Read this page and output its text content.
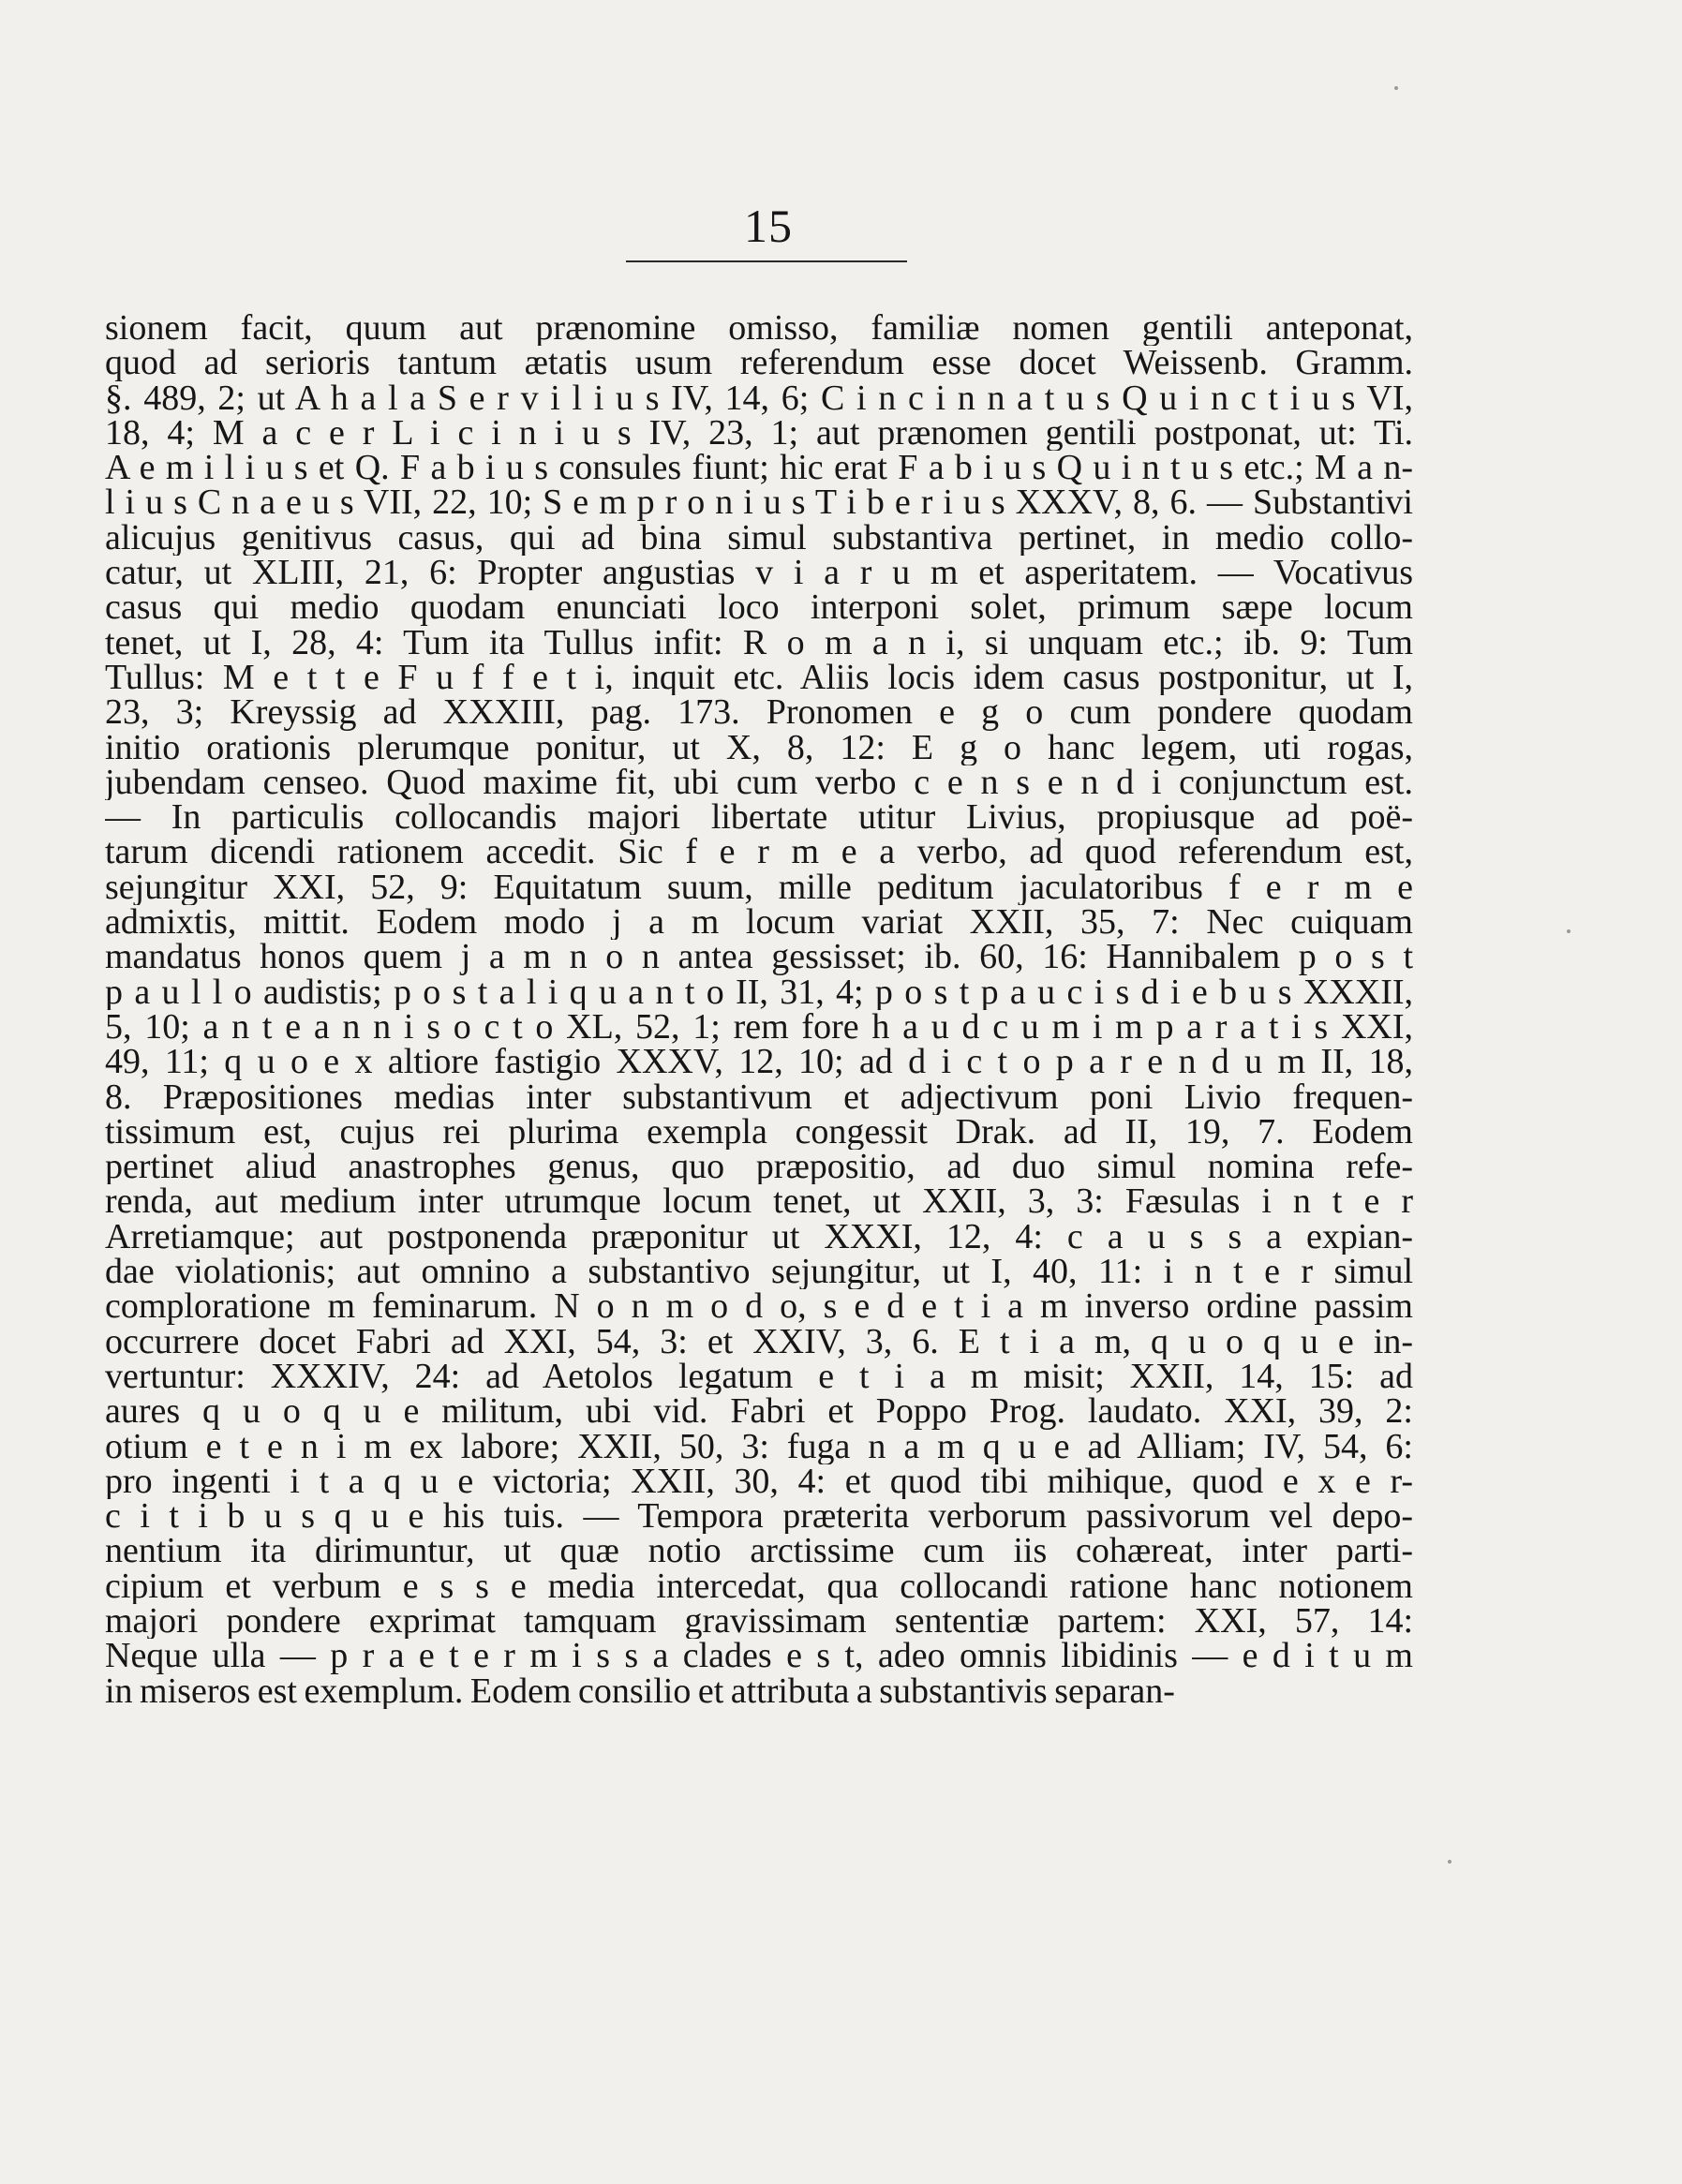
15
sionem facit, quum aut prænomine omisso, familiæ nomen gentili anteponat,
quod ad serioris tantum ætatis usum referendum esse docet Weissenb. Gramm.
§. 489, 2; ut A h a l a S e r v i l i u s IV, 14, 6; C i n c i n n a t u s Q u i n c t i u s VI,
18, 4; M a c e r L i c i n i u s IV, 23, 1; aut prænomen gentili postponat, ut: Ti.
A e m i l i u s et Q. F a b i u s consules fiunt; hic erat F a b i u s Q u i n t u s etc.; M a n-
l i u s C n a e u s VII, 22, 10; S e m p r o n i u s T i b e r i u s XXXV, 8, 6. — Substantivi
alicujus genitivus casus, qui ad bina simul substantiva pertinet, in medio collo-
catur, ut XLIII, 21, 6: Propter angustias v i a r u m et asperitatem. — Vocativus
casus qui medio quodam enunciati loco interponi solet, primum sæpe locum
tenet, ut I, 28, 4: Tum ita Tullus infit: R o m a n i, si unquam etc.; ib. 9: Tum
Tullus: M e t t e F u f f e t i, inquit etc. Aliis locis idem casus postponitur, ut I,
23, 3; Kreyssig ad XXXIII, pag. 173. Pronomen e g o cum pondere quodam
initio orationis plerumque ponitur, ut X, 8, 12: E g o hanc legem, uti rogas,
jubendam censeo. Quod maxime fit, ubi cum verbo c e n s e n d i conjunctum est.
— In particulis collocandis majori libertate utitur Livius, propiusque ad poë-
tarum dicendi rationem accedit. Sic f e r m e a verbo, ad quod referendum est,
sejungitur XXI, 52, 9: Equitatum suum, mille peditum jaculatoribus f e r m e
admixtis, mittit. Eodem modo j a m locum variat XXII, 35, 7: Nec cuiquam
mandatus honos quem j a m n o n antea gessisset; ib. 60, 16: Hannibalem p o s t
p a u l l o audistis; p o s t a l i q u a n t o II, 31, 4; p o s t p a u c i s d i e b u s XXXII,
5, 10; a n t e a n n i s o c t o XL, 52, 1; rem fore h a u d c u m i m p a r a t i s XXI,
49, 11; q u o e x altiore fastigio XXXV, 12, 10; ad d i c t o p a r e n d u m II, 18,
8. Præpositiones medias inter substantivum et adjectivum poni Livio frequen-
tissimum est, cujus rei plurima exempla congessit Drak. ad II, 19, 7. Eodem
pertinet aliud anastrophes genus, quo præpositio, ad duo simul nomina refe-
renda, aut medium inter utrumque locum tenet, ut XXII, 3, 3: Fæsulas i n t e r
Arretiamque; aut postponenda præponitur ut XXXI, 12, 4: c a u s s a expian-
dae violationis; aut omnino a substantivo sejungitur, ut I, 40, 11: i n t e r simul
comploratione m feminarum. N o n m o d o, s e d e t i a m inverso ordine passim
occurrere docet Fabri ad XXI, 54, 3: et XXIV, 3, 6. E t i a m, q u o q u e in-
vertuntur: XXXIV, 24: ad Aetolos legatum e t i a m misit; XXII, 14, 15: ad
aures q u o q u e militum, ubi vid. Fabri et Poppo Prog. laudato. XXI, 39, 2:
otium e t e n i m ex labore; XXII, 50, 3: fuga n a m q u e ad Alliam; IV, 54, 6:
pro ingenti i t a q u e victoria; XXII, 30, 4: et quod tibi mihique, quod e x e r-
c i t i b u s q u e his tuis. — Tempora præterita verborum passivorum vel depo-
nentium ita dirimuntur, ut quæ notio arctissime cum iis cohæreat, inter parti-
cipium et verbum e s s e media intercedat, qua collocandi ratione hanc notionem
majori pondere exprimat tamquam gravissimam sententiæ partem: XXI, 57, 14:
Neque ulla — p r a e t e r m i s s a clades e s t, adeo omnis libidinis — e d i t u m
in miseros est exemplum. Eodem consilio et attributa a substantivis separan-
